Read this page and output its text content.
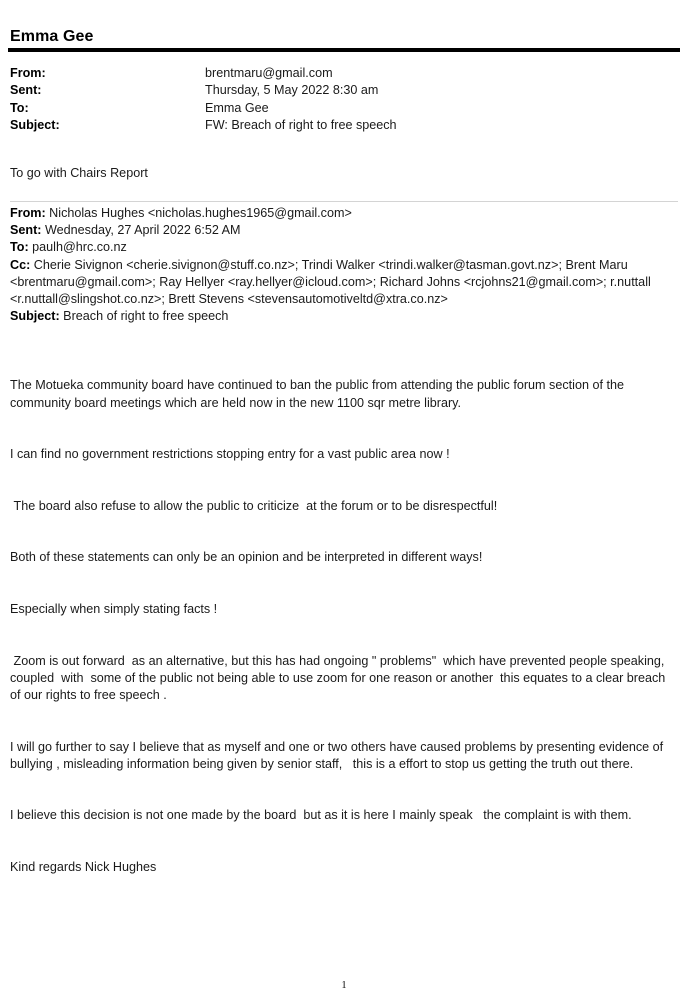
Emma Gee
From:	brentmaru@gmail.com
Sent:	Thursday, 5 May 2022 8:30 am
To:	Emma Gee
Subject:	FW: Breach of right to free speech
To go with Chairs Report

From: Nicholas Hughes <nicholas.hughes1965@gmail.com>

Sent: Wednesday, 27 April 2022 6:52 AM

To: paulh@hrc.co.nz

Cc: Cherie Sivignon <cherie.sivignon@stuff.co.nz>; Trindi Walker <trindi.walker@tasman.govt.nz>; Brent Maru <brentmaru@gmail.com>; Ray Hellyer <ray.hellyer@icloud.com>; Richard Johns <rcjohns21@gmail.com>; r.nuttall <r.nuttall@slingshot.co.nz>; Brett Stevens <stevensautomotiveltd@xtra.co.nz>

Subject: Breach of right to free speech

The Motueka community board have continued to ban the public from attending the public forum section of the community board meetings which are held now in the new 1100 sqr metre library.

I can find no government restrictions stopping entry for a vast public area now !

The board also refuse to allow the public to criticize  at the forum or to be disrespectful!

Both of these statements can only be an opinion and be interpreted in different ways!

Especially when simply stating facts !

Zoom is out forward  as an alternative, but this has had ongoing " problems"  which have prevented people speaking, coupled  with  some of the public not being able to use zoom for one reason or another  this equates to a clear breach of our rights to free speech .

I will go further to say I believe that as myself and one or two others have caused problems by presenting evidence of bullying , misleading information being given by senior staff,   this is a effort to stop us getting the truth out there.

I believe this decision is not one made by the board  but as it is here I mainly speak   the complaint is with them.

Kind regards Nick Hughes

1
